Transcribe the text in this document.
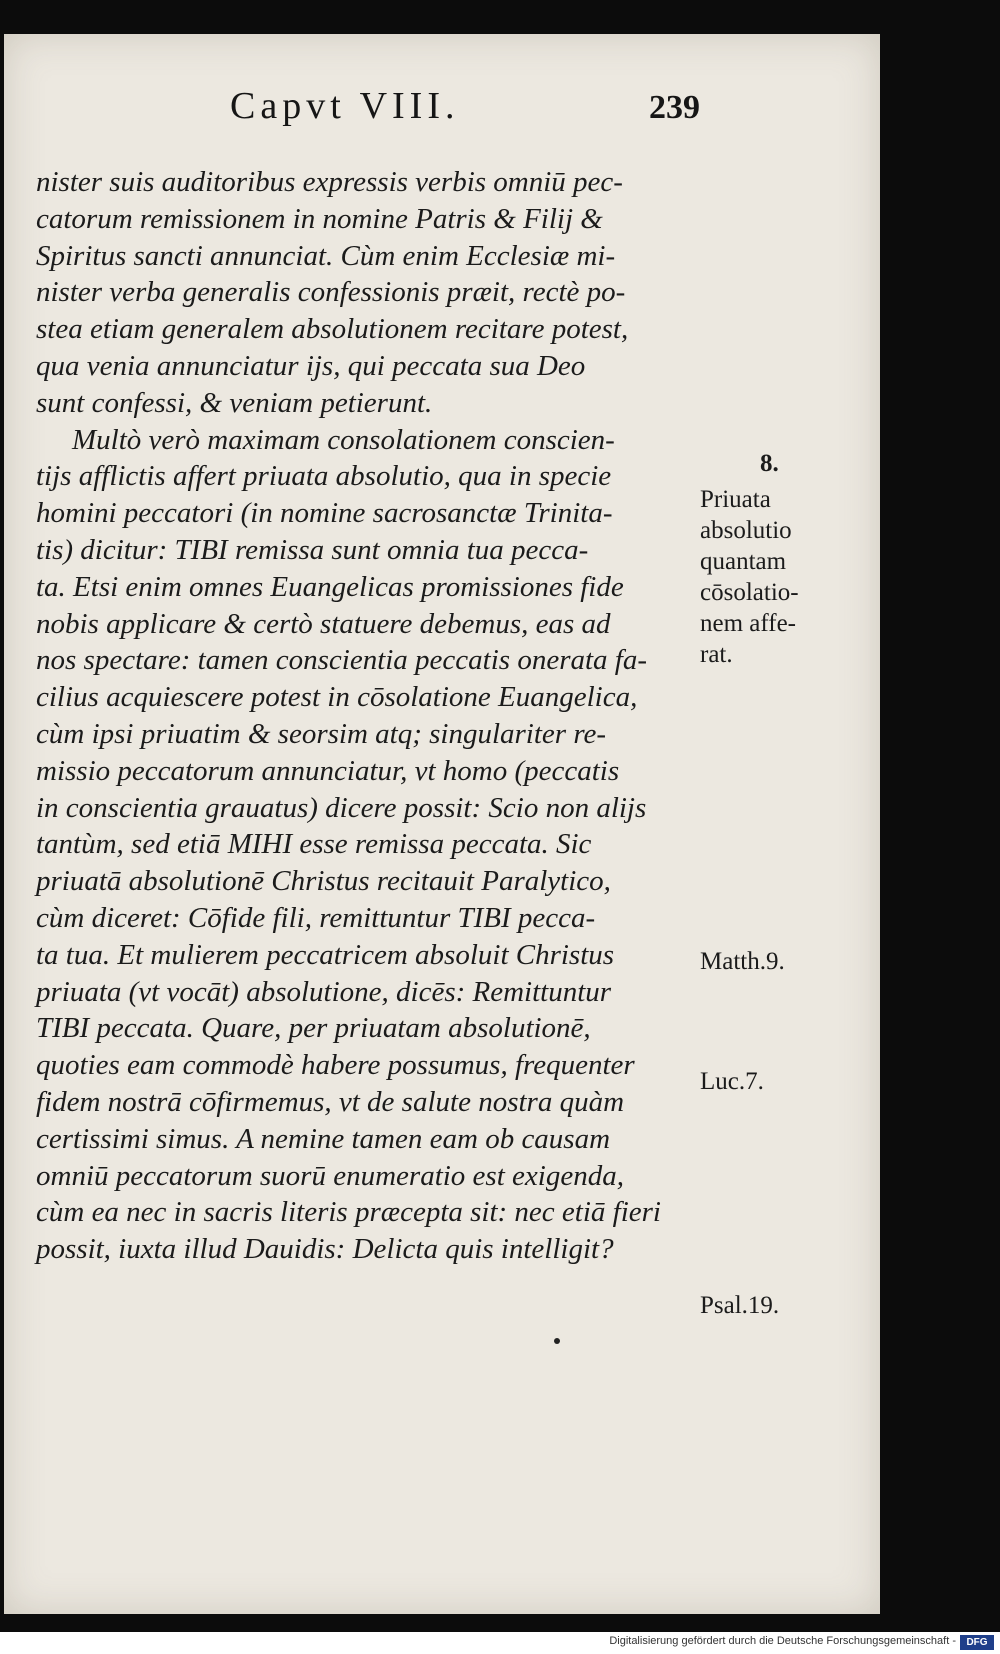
Capvt VIII.	239
nister suis auditoribus expressis verbis omniū pec-
catorum remissionem in nomine Patris & Filij &
Spiritus sancti annunciat. Cùm enim Ecclesiæ mi-
nister verba generalis confessionis præit, rectè po-
stea etiam generalem absolutionem recitare potest,
qua venia annunciatur ijs, qui peccata sua Deo
sunt confessi, & veniam petierunt.
Multò verò maximam consolationem conscien-
tijs afflictis affert priuata absolutio, qua in specie
homini peccatori (in nomine sacrosanctæ Trinita-
tis) dicitur: TIBI remissa sunt omnia tua pecca-
ta. Etsi enim omnes Euangelicas promissiones fide
nobis applicare & certò statuere debemus, eas ad
nos spectare: tamen conscientia peccatis onerata fa-
cilius acquiescere potest in cōsolatione Euangelica,
cùm ipsi priuatim & seorsim atq; singulariter re-
missio peccatorum annunciatur, vt homo (peccatis
in conscientia grauatus) dicere possit: Scio non alijs
tantùm, sed etiā MIHI esse remissa peccata. Sic
priuatā absolutionē Christus recitauit Paralytico,
cùm diceret: Cōfide fili, remittuntur TIBI pecca-
ta tua. Et mulierem peccatricem absoluit Christus
priuata (vt vocāt) absolutione, dicēs: Remittuntur
TIBI peccata. Quare, per priuatam absolutionē,
quoties eam commodè habere possumus, frequenter
fidem nostrā cōfirmemus, vt de salute nostra quàm
certissimi simus. A nemine tamen eam ob causam
omniū peccatorum suorū enumeratio est exigenda,
cùm ea nec in sacris literis præcepta sit: nec etiā fieri
possit, iuxta illud Dauidis: Delicta quis intelligit?
8.
Priuata
absolutio
quantam
cōsolatio-
nem affe-
rat.
Matth.9.
Luc.7.
Psal.19.
Digitalisierung gefördert durch die Deutsche Forschungsgemeinschaft -	DFG
